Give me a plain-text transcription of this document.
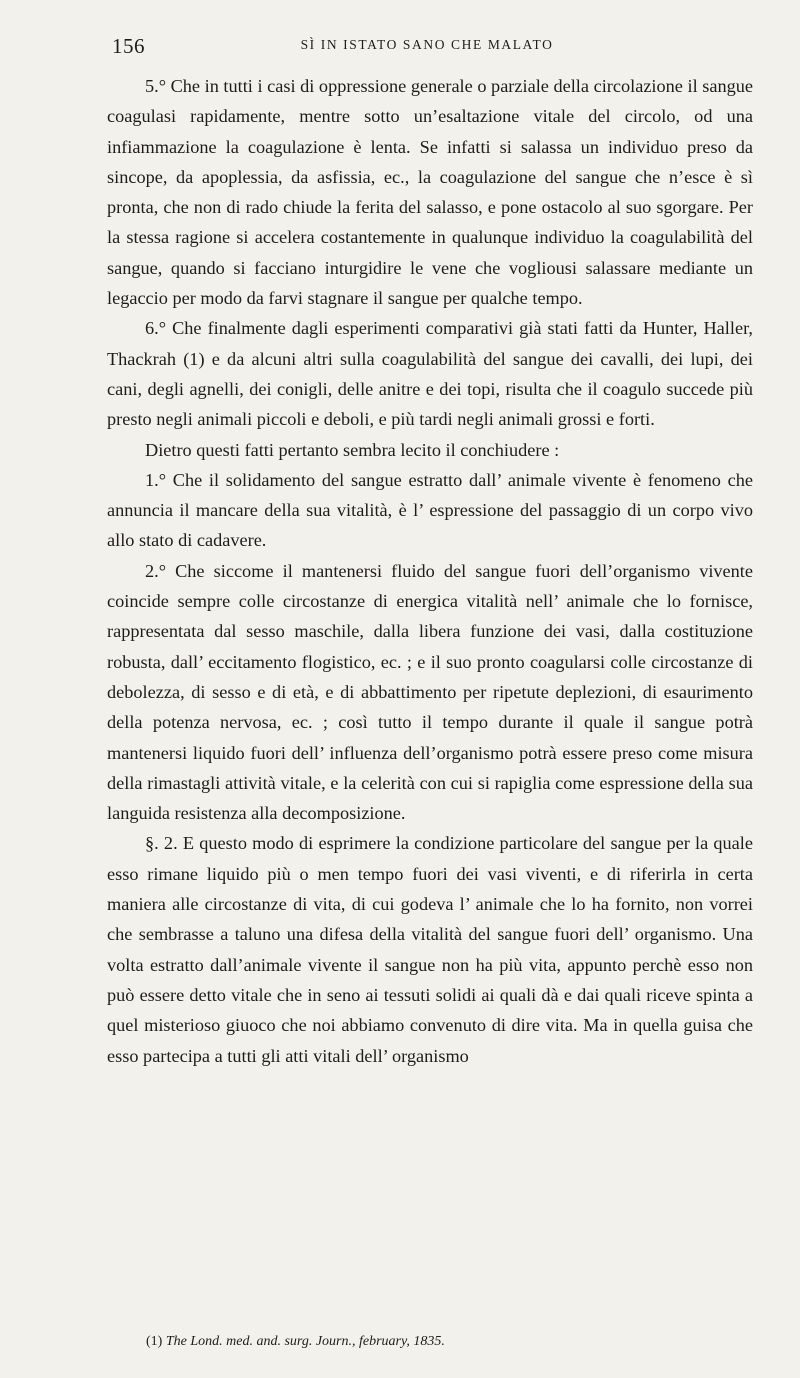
156	SÌ IN ISTATO SANO CHE MALATO

5.° Che in tutti i casi di oppressione generale o parziale della circolazione il sangue coagulasi rapidamente, mentre sotto un’esaltazione vitale del circolo, od una infiammazione la coagulazione è lenta. Se infatti si salassa un individuo preso da sincope, da apoplessia, da asfissia, ec., la coagulazione del sangue che n’esce è sì pronta, che non di rado chiude la ferita del salasso, e pone ostacolo al suo sgorgare. Per la stessa ragione si accelera costantemente in qualunque individuo la coagulabilità del sangue, quando si facciano inturgidire le vene che vogliousi salassare mediante un legaccio per modo da farvi stagnare il sangue per qualche tempo.

6.° Che finalmente dagli esperimenti comparativi già stati fatti da Hunter, Haller, Thackrah (1) e da alcuni altri sulla coagulabilità del sangue dei cavalli, dei lupi, dei cani, degli agnelli, dei conigli, delle anitre e dei topi, risulta che il coagulo succede più presto negli animali piccoli e deboli, e più tardi negli animali grossi e forti.

Dietro questi fatti pertanto sembra lecito il conchiudere :

1.° Che il solidamento del sangue estratto dall’ animale vivente è fenomeno che annuncia il mancare della sua vitalità, è l’ espressione del passaggio di un corpo vivo allo stato di cadavere.

2.° Che siccome il mantenersi fluido del sangue fuori dell’organismo vivente coincide sempre colle circostanze di energica vitalità nell’ animale che lo fornisce, rappresentata dal sesso maschile, dalla libera funzione dei vasi, dalla costituzione robusta, dall’ eccitamento flogistico, ec. ; e il suo pronto coagularsi colle circostanze di debolezza, di sesso e di età, e di abbattimento per ripetute deplezioni, di esaurimento della potenza nervosa, ec. ; così tutto il tempo durante il quale il sangue potrà mantenersi liquido fuori dell’ influenza dell’organismo potrà essere preso come misura della rimastagli attività vitale, e la celerità con cui si rapiglia come espressione della sua languida resistenza alla decomposizione.

§. 2. E questo modo di esprimere la condizione particolare del sangue per la quale esso rimane liquido più o men tempo fuori dei vasi viventi, e di riferirla in certa maniera alle circostanze di vita, di cui godeva l’ animale che lo ha fornito, non vorrei che sembrasse a taluno una difesa della vitalità del sangue fuori dell’ organismo. Una volta estratto dall’animale vivente il sangue non ha più vita, appunto perchè esso non può essere detto vitale che in seno ai tessuti solidi ai quali dà e dai quali riceve spinta a quel misterioso giuoco che noi abbiamo convenuto di dire vita. Ma in quella guisa che esso partecipa a tutti gli atti vitali dell’ organismo

(1) The Lond. med. and. surg. Journ., february, 1835.
